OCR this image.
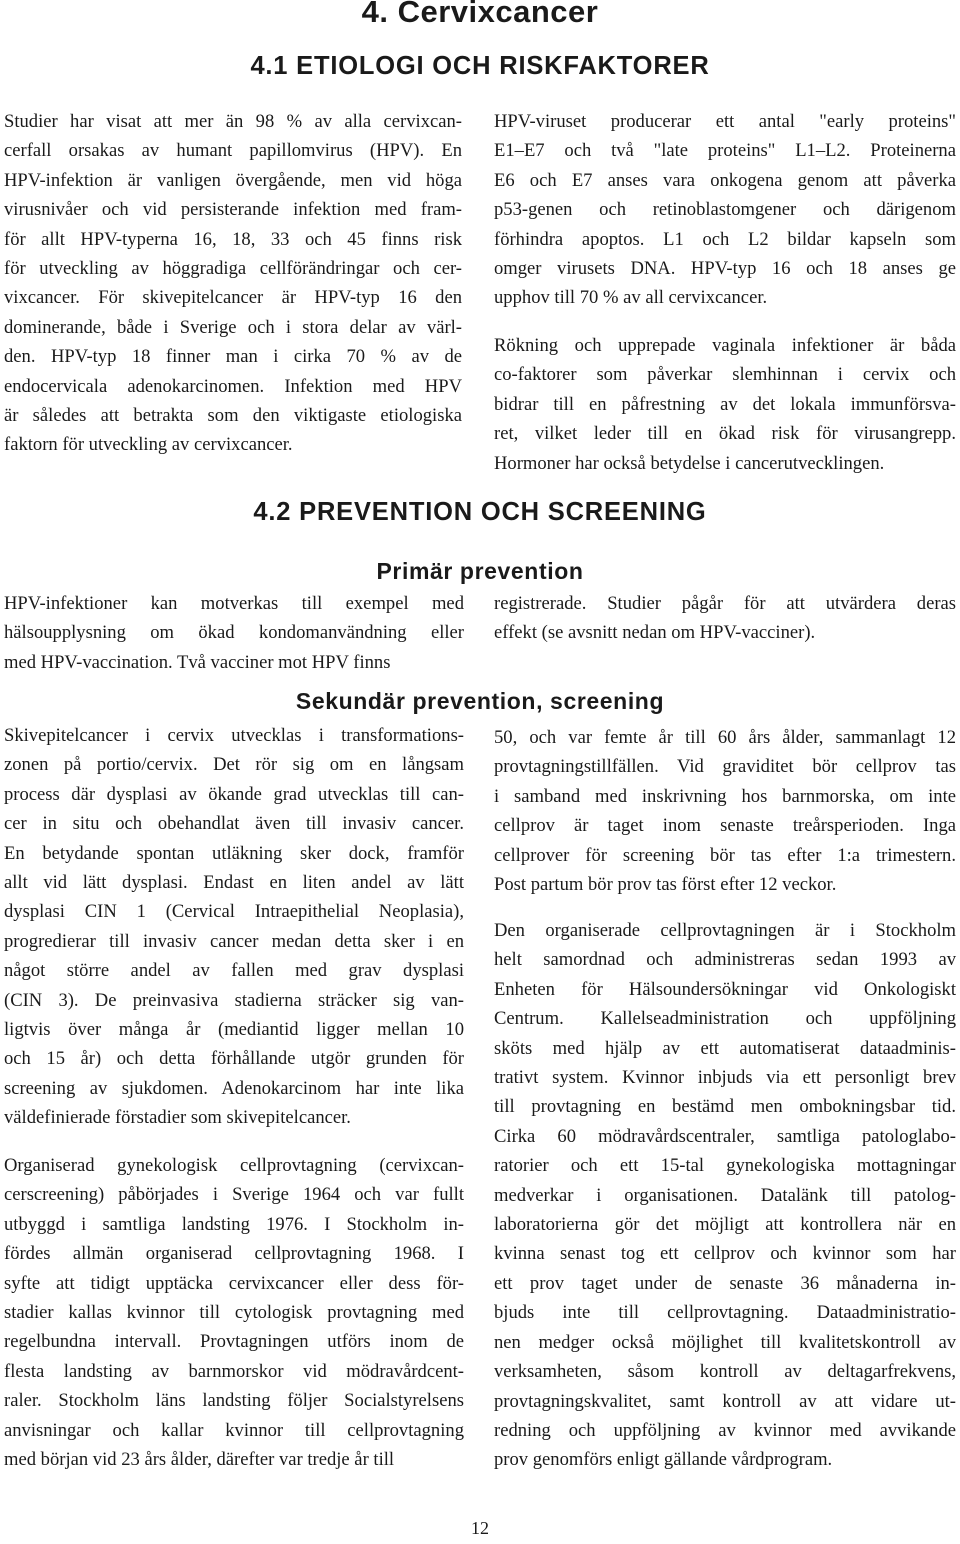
4. Cervixcancer
4.1 ETIOLOGI OCH RISKFAKTORER
Studier har visat att mer än 98 % av alla cervixcan-
cerfall orsakas av humant papillomvirus (HPV). En
HPV-infektion är vanligen övergående, men vid höga
virusnivåer och vid persisterande infektion med fram-
för allt HPV-typerna 16, 18, 33 och 45 finns risk
för utveckling av höggradiga cellförändringar och cer-
vixcancer. För skivepitelcancer är HPV-typ 16 den
dominerande, både i Sverige och i stora delar av värl-
den. HPV-typ 18 finner man i cirka 70 % av de
endocervicala adenokarcinomen. Infektion med HPV
är således att betrakta som den viktigaste etiologiska
faktorn för utveckling av cervixcancer.
HPV-viruset producerar ett antal "early proteins"
E1–E7 och två "late proteins" L1–L2. Proteinerna
E6 och E7 anses vara onkogena genom att påverka
p53-genen och retinoblastomgener och därigenom
förhindra apoptos. L1 och L2 bildar kapseln som
omger virusets DNA. HPV-typ 16 och 18 anses ge
upphov till 70 % av all cervixcancer.
Rökning och upprepade vaginala infektioner är båda
co-faktorer som påverkar slemhinnan i cervix och
bidrar till en påfrestning av det lokala immunförsva-
ret, vilket leder till en ökad risk för virusangrepp.
Hormoner har också betydelse i cancerutvecklingen.
4.2 PREVENTION OCH SCREENING
Primär prevention
HPV-infektioner kan motverkas till exempel med
hälsoupplysning om ökad kondomanvändning eller
med HPV-vaccination. Två vacciner mot HPV finns
registrerade. Studier pågår för att utvärdera deras
effekt (se avsnitt nedan om HPV-vacciner).
Sekundär prevention, screening
Skivepitelcancer i cervix utvecklas i transformations-
zonen på portio/cervix. Det rör sig om en långsam
process där dysplasi av ökande grad utvecklas till can-
cer in situ och obehandlat även till invasiv cancer.
En betydande spontan utläkning sker dock, framför
allt vid lätt dysplasi. Endast en liten andel av lätt
dysplasi CIN 1 (Cervical Intraepithelial Neoplasia),
progredierar till invasiv cancer medan detta sker i en
något större andel av fallen med grav dysplasi
(CIN 3). De preinvasiva stadierna sträcker sig van-
ligtvis över många år (mediantid ligger mellan 10
och 15 år) och detta förhållande utgör grunden för
screening av sjukdomen. Adenokarcinom har inte lika
väldefinierade förstadier som skivepitelcancer.
Organiserad gynekologisk cellprovtagning (cervixcan-
cerscreening) påbörjades i Sverige 1964 och var fullt
utbyggd i samtliga landsting 1976. I Stockholm in-
fördes allmän organiserad cellprovtagning 1968. I
syfte att tidigt upptäcka cervixcancer eller dess för-
stadier kallas kvinnor till cytologisk provtagning med
regelbundna intervall. Provtagningen utförs inom de
flesta landsting av barnmorskor vid mödravårdcent-
raler. Stockholm läns landsting följer Socialstyrelsens
anvisningar och kallar kvinnor till cellprovtagning
med början vid 23 års ålder, därefter var tredje år till
50, och var femte år till 60 års ålder, sammanlagt 12
provtagningstillfällen. Vid graviditet bör cellprov tas
i samband med inskrivning hos barnmorska, om inte
cellprov är taget inom senaste treårsperioden. Inga
cellprover för screening bör tas efter 1:a trimestern.
Post partum bör prov tas först efter 12 veckor.
Den organiserade cellprovtagningen är i Stockholm
helt samordnad och administreras sedan 1993 av
Enheten för Hälsoundersökningar vid Onkologiskt
Centrum. Kallelseadministration och uppföljning
sköts med hjälp av ett automatiserat dataadminis-
trativt system. Kvinnor inbjuds via ett personligt brev
till provtagning en bestämd men ombokningsbar tid.
Cirka 60 mödravårdscentraler, samtliga patologlabo-
ratorier och ett 15-tal gynekologiska mottagningar
medverkar i organisationen. Datalänk till patolog-
laboratorierna gör det möjligt att kontrollera när en
kvinna senast tog ett cellprov och kvinnor som har
ett prov taget under de senaste 36 månaderna in-
bjuds inte till cellprovtagning. Dataadministratio-
nen medger också möjlighet till kvalitetskontroll av
verksamheten, såsom kontroll av deltagarfrekvens,
provtagningskvalitet, samt kontroll av att vidare ut-
redning och uppföljning av kvinnor med avvikande
prov genomförs enligt gällande vårdprogram.
12
